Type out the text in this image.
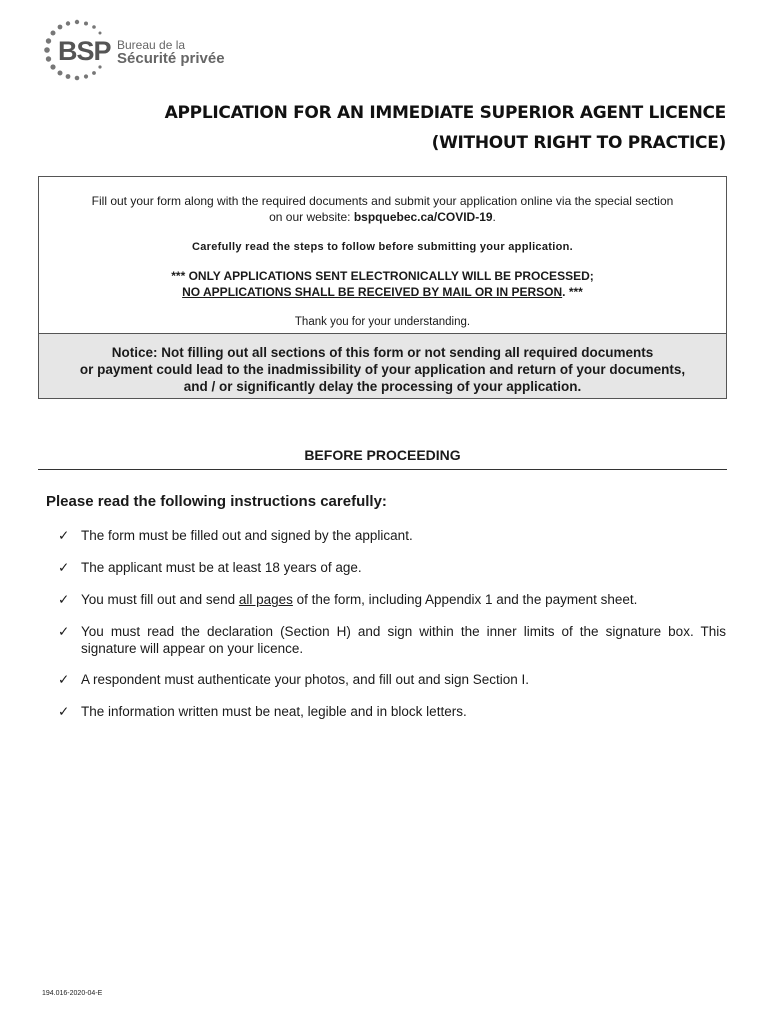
BSP Bureau de la
Sécurité privée
APPLICATION FOR AN IMMEDIATE SUPERIOR AGENT LICENCE
(WITHOUT RIGHT TO PRACTICE)
Fill out your form along with the required documents and submit your application online via the special section
on our website: bspquebec.ca/COVID-19.
Carefully read the steps to follow before submitting your application.
*** ONLY APPLICATIONS SENT ELECTRONICALLY WILL BE PROCESSED;
NO APPLICATIONS SHALL BE RECEIVED BY MAIL OR IN PERSON. ***
Thank you for your understanding.
Notice: Not filling out all sections of this form or not sending all required documents
or payment could lead to the inadmissibility of your application and return of your documents,
and / or significantly delay the processing of your application.
BEFORE PROCEEDING
Please read the following instructions carefully:
✓ The form must be filled out and signed by the applicant.
✓ The applicant must be at least 18 years of age.
✓ You must fill out and send all pages of the form, including Appendix 1 and the payment sheet.
✓ You must read the declaration (Section H) and sign within the inner limits of the signature box. This signature will appear on your licence.
✓ A respondent must authenticate your photos, and fill out and sign Section I.
✓ The information written must be neat, legible and in block letters.
194.016-2020-04-E
